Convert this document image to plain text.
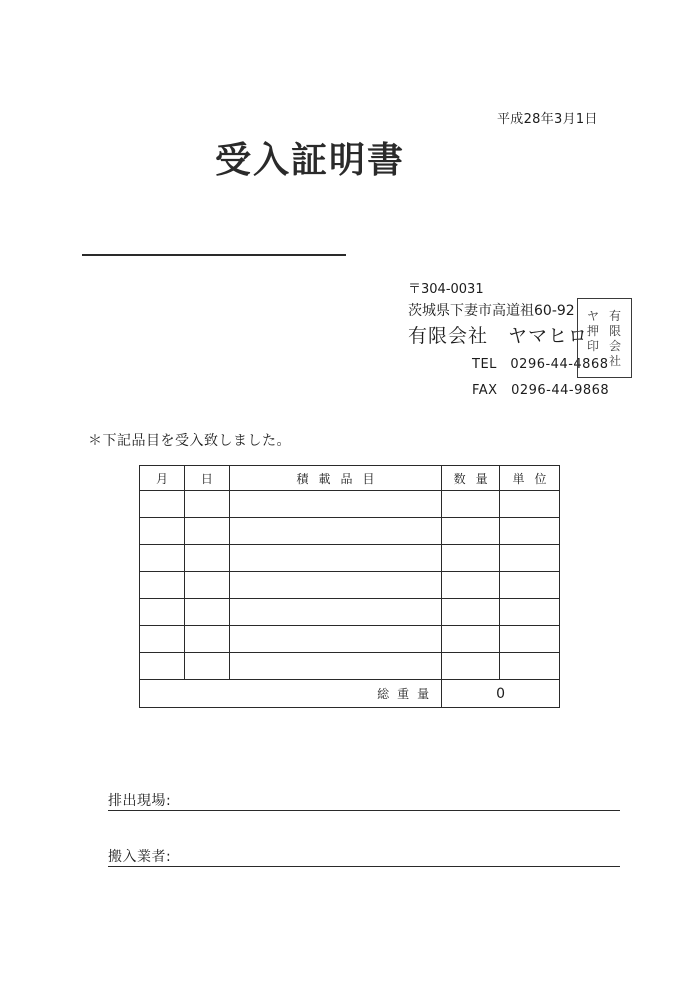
平成28年3月1日
受入証明書
〒304-0031
茨城県下妻市高道祖60-92
有限会社　ヤマヒロ
TEL　0296-44-4868
FAX　0296-44-9868
ヤ
押
印
有
限
会
社
＊下記品目を受入致しました。
月	日	積載品目	数量	単位

総重量			0	
排出現場:
搬入業者:
